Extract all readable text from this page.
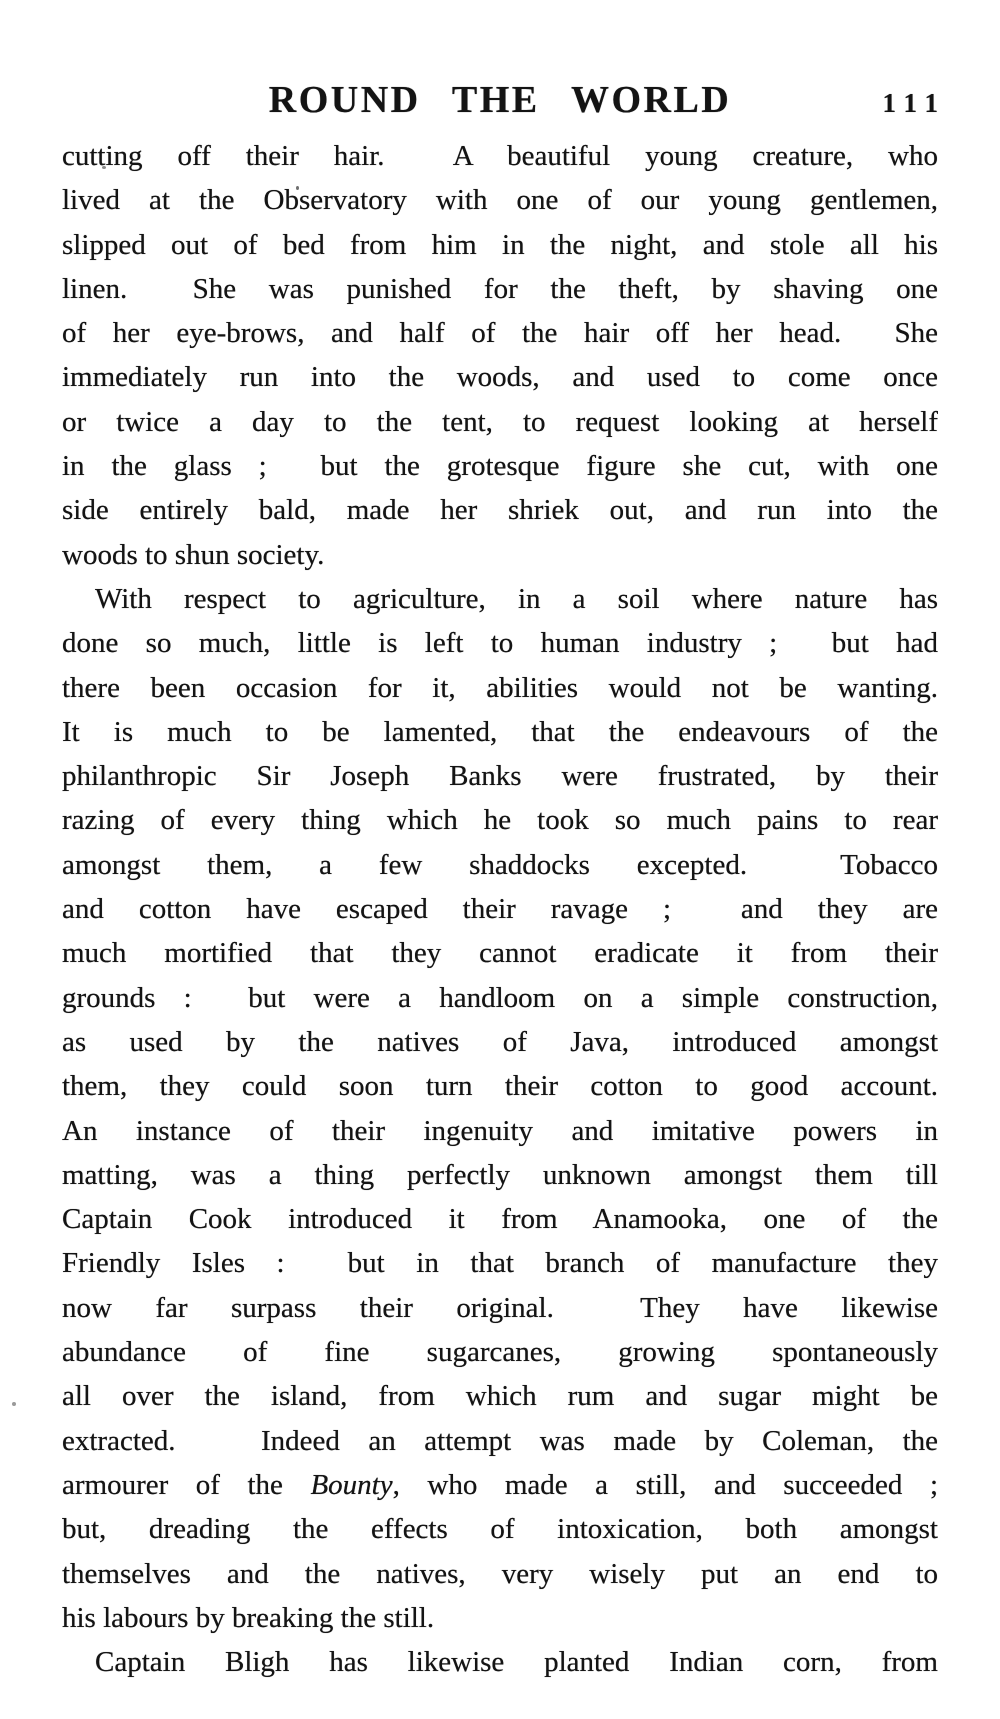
ROUND THE WORLD	111
cutting off their hair.  A beautiful young creature, who
lived at the Observatory with one of our young gentlemen,
slipped out of bed from him in the night, and stole all his
linen.  She was punished for the theft, by shaving one
of her eye-brows, and half of the hair off her head.  She
immediately run into the woods, and used to come once
or twice a day to the tent, to request looking at herself
in the glass ;  but the grotesque figure she cut, with one
side entirely bald, made her shriek out, and run into the
woods to shun society.
With respect to agriculture, in a soil where nature has
done so much, little is left to human industry ;  but had
there been occasion for it, abilities would not be wanting.
It is much to be lamented, that the endeavours of the
philanthropic Sir Joseph Banks were frustrated, by their
razing of every thing which he took so much pains to rear
amongst them, a few shaddocks excepted.  Tobacco
and cotton have escaped their ravage ;  and they are
much mortified that they cannot eradicate it from their
grounds :  but were a handloom on a simple construction,
as used by the natives of Java, introduced amongst
them, they could soon turn their cotton to good account.
An instance of their ingenuity and imitative powers in
matting, was a thing perfectly unknown amongst them till
Captain Cook introduced it from Anamooka, one of the
Friendly Isles :  but in that branch of manufacture they
now far surpass their original.  They have likewise
abundance of fine sugarcanes, growing spontaneously
all over the island, from which rum and sugar might be
extracted.   Indeed an attempt was made by Coleman, the
armourer of the Bounty, who made a still, and succeeded ;
but, dreading the effects of intoxication, both amongst
themselves and the natives, very wisely put an end to
his labours by breaking the still.
Captain Bligh has likewise planted Indian corn, from
